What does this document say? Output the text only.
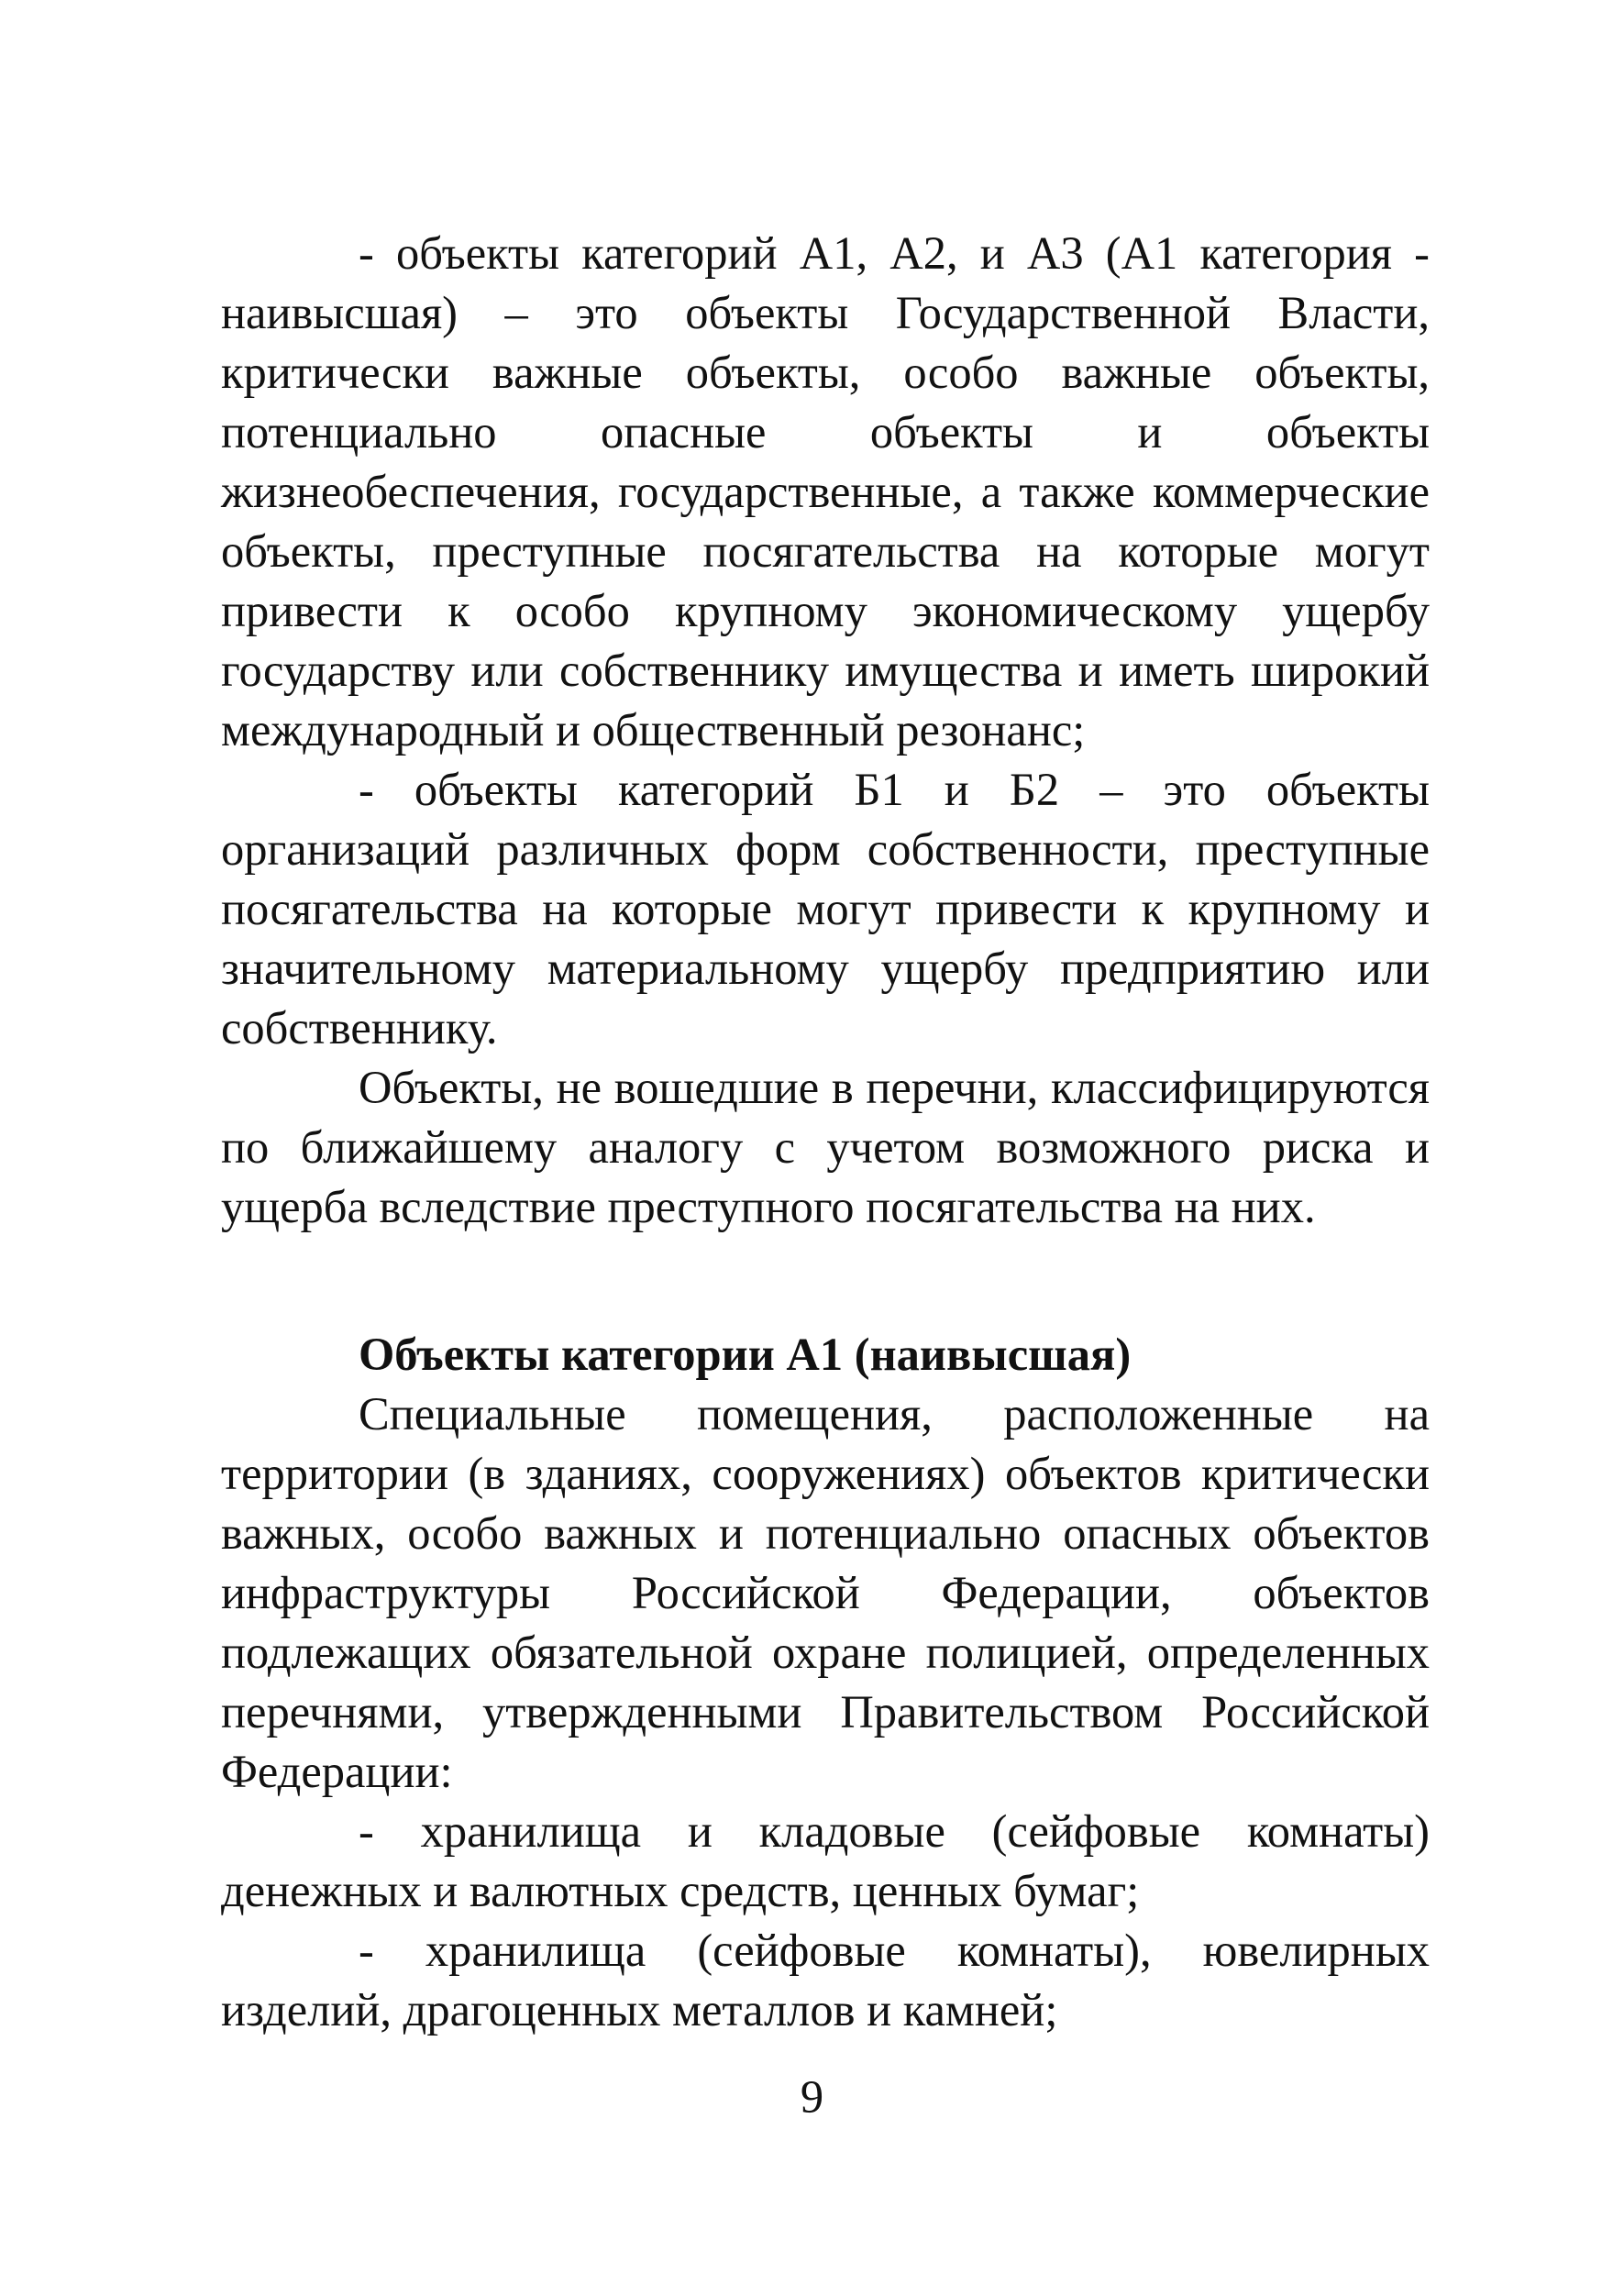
- объекты категорий А1, А2, и А3 (А1 категория - наивысшая) – это объекты Государственной Власти, критически важные объекты, особо важные объекты, потенциально опасные объекты и объекты жизнеобеспечения, государственные, а также коммерческие объекты, преступные посягательства на которые могут привести к особо крупному экономическому ущербу государству или собственнику имущества и иметь широкий международный и общественный резонанс;

- объекты категорий Б1 и Б2 – это объекты организаций различных форм собственности, преступные посягательства на которые могут привести к крупному и значительному материальному ущербу предприятию или собственнику.

Объекты, не вошедшие в перечни, классифицируются по ближайшему аналогу с учетом возможного риска и ущерба вследствие преступного посягательства на них.

Объекты категории А1 (наивысшая)

Специальные помещения, расположенные на территории (в зданиях, сооружениях) объектов критически важных, особо важных и потенциально опасных объектов инфраструктуры Российской Федерации, объектов подлежащих обязательной охране полицией, определенных перечнями, утвержденными Правительством Российской Федерации:

- хранилища и кладовые (сейфовые комнаты) денежных и валютных средств, ценных бумаг;

- хранилища (сейфовые комнаты), ювелирных изделий, драгоценных металлов и камней;

9
